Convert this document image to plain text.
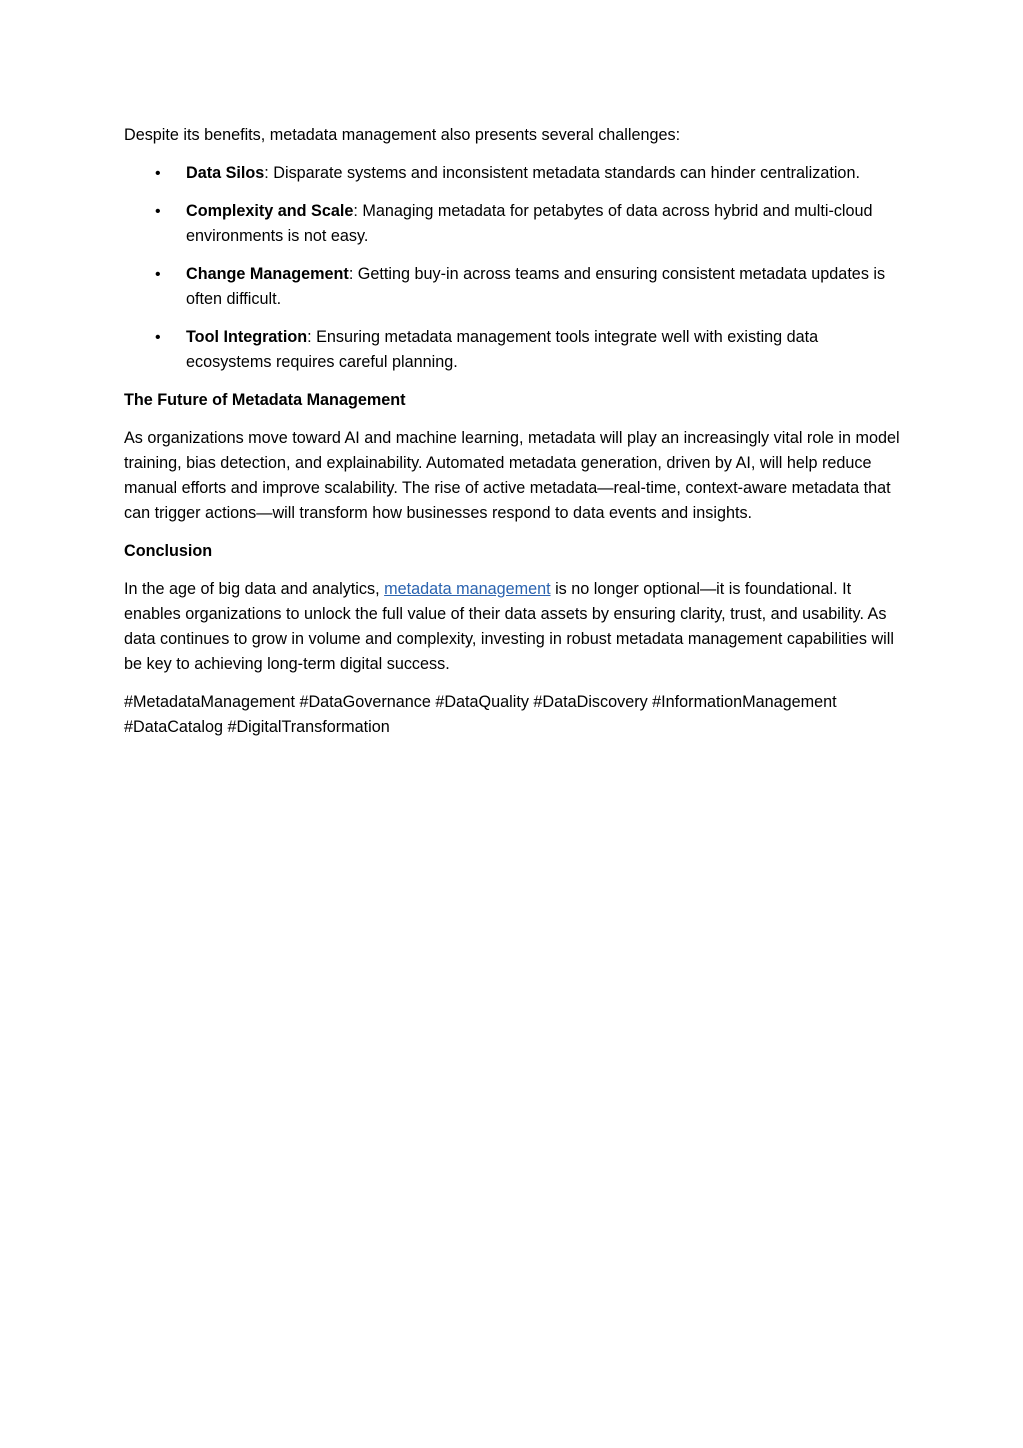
Despite its benefits, metadata management also presents several challenges:

• Data Silos: Disparate systems and inconsistent metadata standards can hinder centralization.
• Complexity and Scale: Managing metadata for petabytes of data across hybrid and multi-cloud environments is not easy.
• Change Management: Getting buy-in across teams and ensuring consistent metadata updates is often difficult.
• Tool Integration: Ensuring metadata management tools integrate well with existing data ecosystems requires careful planning.

The Future of Metadata Management

As organizations move toward AI and machine learning, metadata will play an increasingly vital role in model training, bias detection, and explainability. Automated metadata generation, driven by AI, will help reduce manual efforts and improve scalability. The rise of active metadata—real-time, context-aware metadata that can trigger actions—will transform how businesses respond to data events and insights.

Conclusion

In the age of big data and analytics, metadata management is no longer optional—it is foundational. It enables organizations to unlock the full value of their data assets by ensuring clarity, trust, and usability. As data continues to grow in volume and complexity, investing in robust metadata management capabilities will be key to achieving long-term digital success.

#MetadataManagement #DataGovernance #DataQuality #DataDiscovery #InformationManagement #DataCatalog #DigitalTransformation
